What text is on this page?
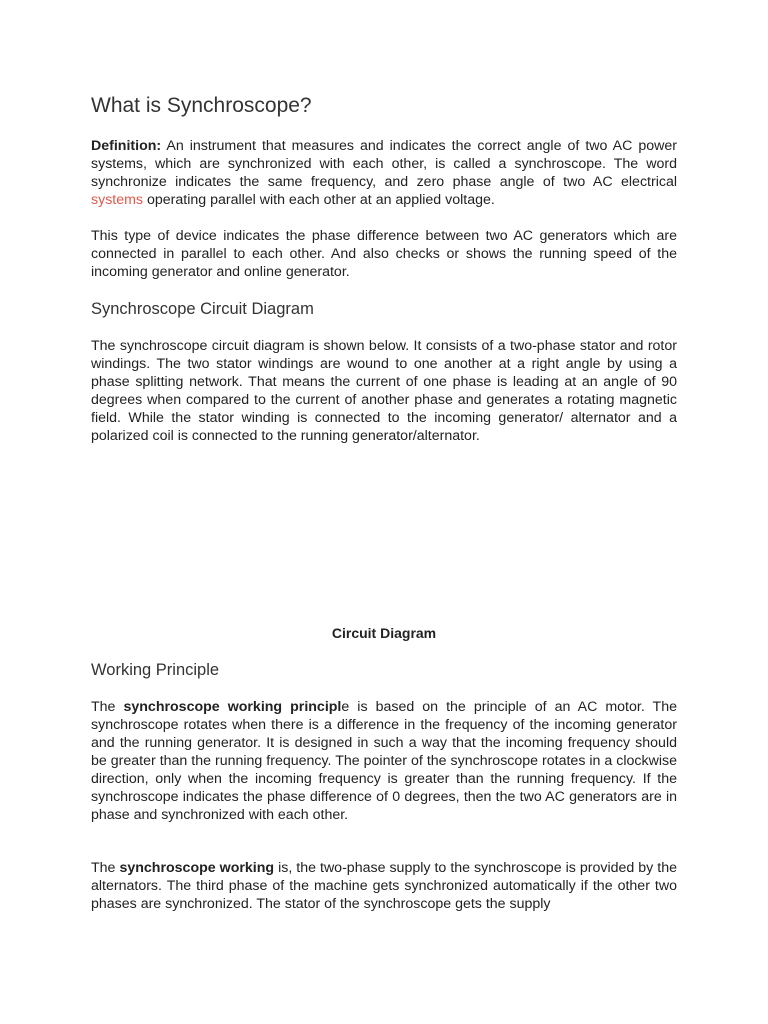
What is Synchroscope?

Definition: An instrument that measures and indicates the correct angle of two AC power systems, which are synchronized with each other, is called a synchroscope. The word synchronize indicates the same frequency, and zero phase angle of two AC electrical systems operating parallel with each other at an applied voltage.

This type of device indicates the phase difference between two AC generators which are connected in parallel to each other. And also checks or shows the running speed of the incoming generator and online generator.

Synchroscope Circuit Diagram

The synchroscope circuit diagram is shown below. It consists of a two-phase stator and rotor windings. The two stator windings are wound to one another at a right angle by using a phase splitting network. That means the current of one phase is leading at an angle of 90 degrees when compared to the current of another phase and generates a rotating magnetic field. While the stator winding is connected to the incoming generator/ alternator and a polarized coil is connected to the running generator/alternator.

Circuit Diagram

Working Principle

The synchroscope working principle is based on the principle of an AC motor. The synchroscope rotates when there is a difference in the frequency of the incoming generator and the running generator. It is designed in such a way that the incoming frequency should be greater than the running frequency. The pointer of the synchroscope rotates in a clockwise direction, only when the incoming frequency is greater than the running frequency. If the synchroscope indicates the phase difference of 0 degrees, then the two AC generators are in phase and synchronized with each other.

The synchroscope working is, the two-phase supply to the synchroscope is provided by the alternators. The third phase of the machine gets synchronized automatically if the other two phases are synchronized. The stator of the synchroscope gets the supply
